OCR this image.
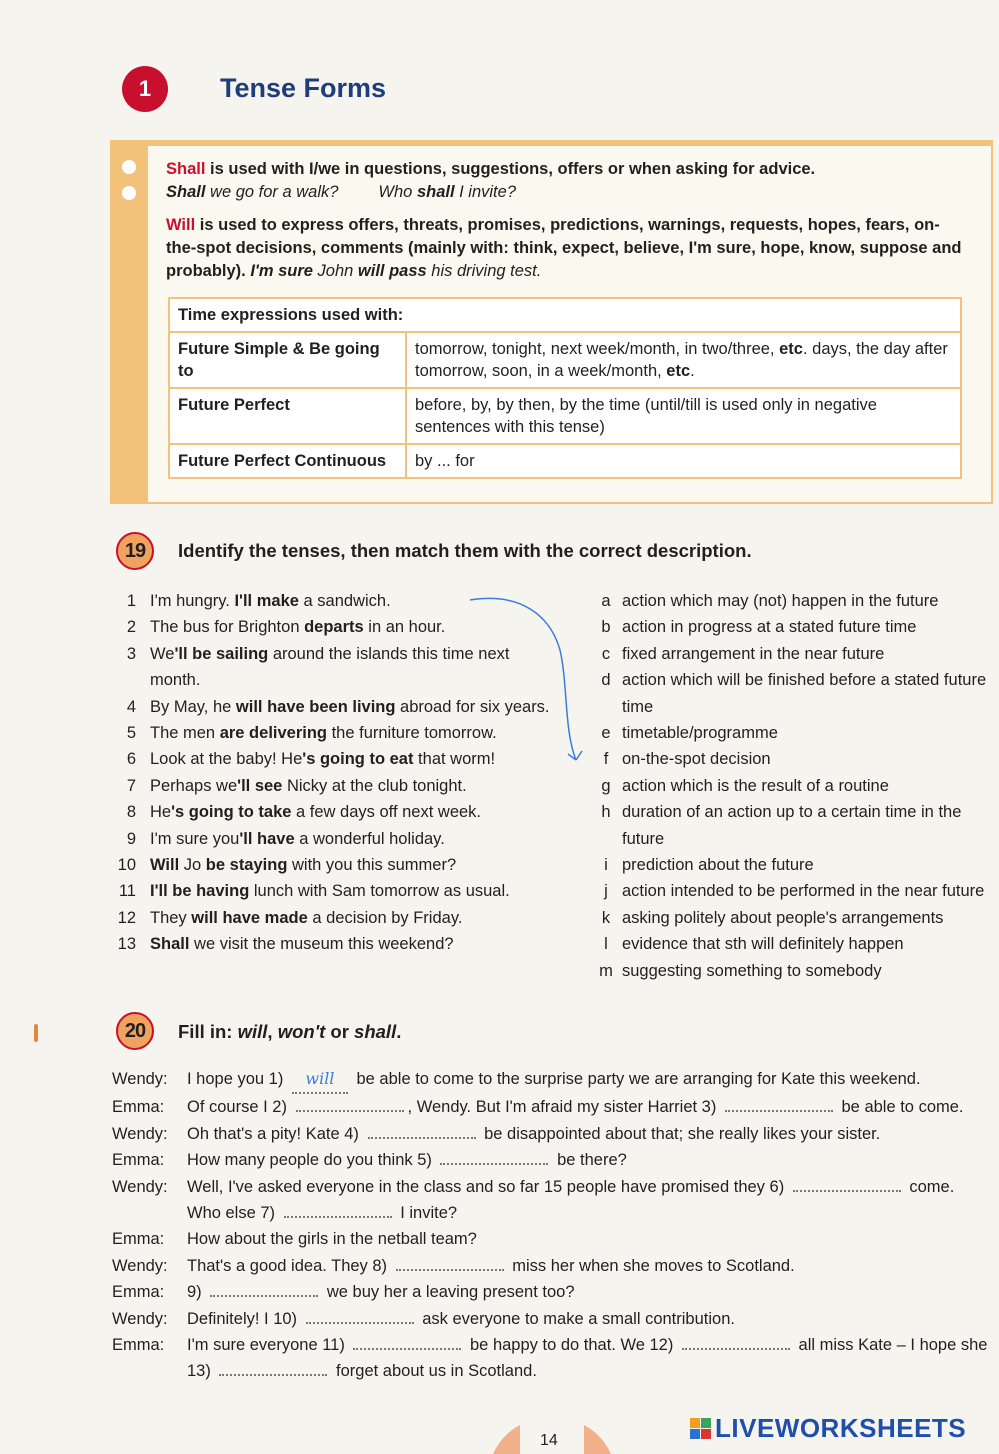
1	Tense Forms
Shall is used with I/we in questions, suggestions, offers or when asking for advice.
Shall we go for a walk? Who shall I invite?
Will is used to express offers, threats, promises, predictions, warnings, requests, hopes, fears, on-the-spot decisions, comments (mainly with: think, expect, believe, I'm sure, hope, know, suppose and probably). I'm sure John will pass his driving test.
Time expressions used with:	
Future Simple & Be going to	tomorrow, tonight, next week/month, in two/three, etc. days, the day after tomorrow, soon, in a week/month, etc.
Future Perfect	before, by, by then, by the time (until/till is used only in negative sentences with this tense)
Future Perfect Continuous	by ... for
19	Identify the tenses, then match them with the correct description.
1 I'm hungry. I'll make a sandwich.
2 The bus for Brighton departs in an hour.
3 We'll be sailing around the islands this time next month.
4 By May, he will have been living abroad for six years.
5 The men are delivering the furniture tomorrow.
6 Look at the baby! He's going to eat that worm!
7 Perhaps we'll see Nicky at the club tonight.
8 He's going to take a few days off next week.
9 I'm sure you'll have a wonderful holiday.
10 Will Jo be staying with you this summer?
11 I'll be having lunch with Sam tomorrow as usual.
12 They will have made a decision by Friday.
13 Shall we visit the museum this weekend?
a action which may (not) happen in the future
b action in progress at a stated future time
c fixed arrangement in the near future
d action which will be finished before a stated future time
e timetable/programme
f on-the-spot decision
g action which is the result of a routine
h duration of an action up to a certain time in the future
i prediction about the future
j action intended to be performed in the near future
k asking politely about people's arrangements
l evidence that sth will definitely happen
m suggesting something to somebody
20	Fill in: will, won't or shall.
Wendy:	I hope you 1) will be able to come to the surprise party we are arranging for Kate this weekend.
Emma:	Of course I 2)	, Wendy. But I'm afraid my sister Harriet 3)	be able to come.
Wendy:	Oh that's a pity! Kate 4)	be disappointed about that; she really likes your sister.
Emma:	How many people do you think 5)	be there?
Wendy:	Well, I've asked everyone in the class and so far 15 people have promised they 6)	come. Who else 7)	I invite?
Emma:	How about the girls in the netball team?
Wendy:	That's a good idea. They 8)	miss her when she moves to Scotland.
Emma:	9)	we buy her a leaving present too?
Wendy:	Definitely! I 10)	ask everyone to make a small contribution.
Emma:	I'm sure everyone 11)	be happy to do that. We 12)	all miss Kate – I hope she 13)	forget about us in Scotland.
14	LIVEWORKSHEETS
